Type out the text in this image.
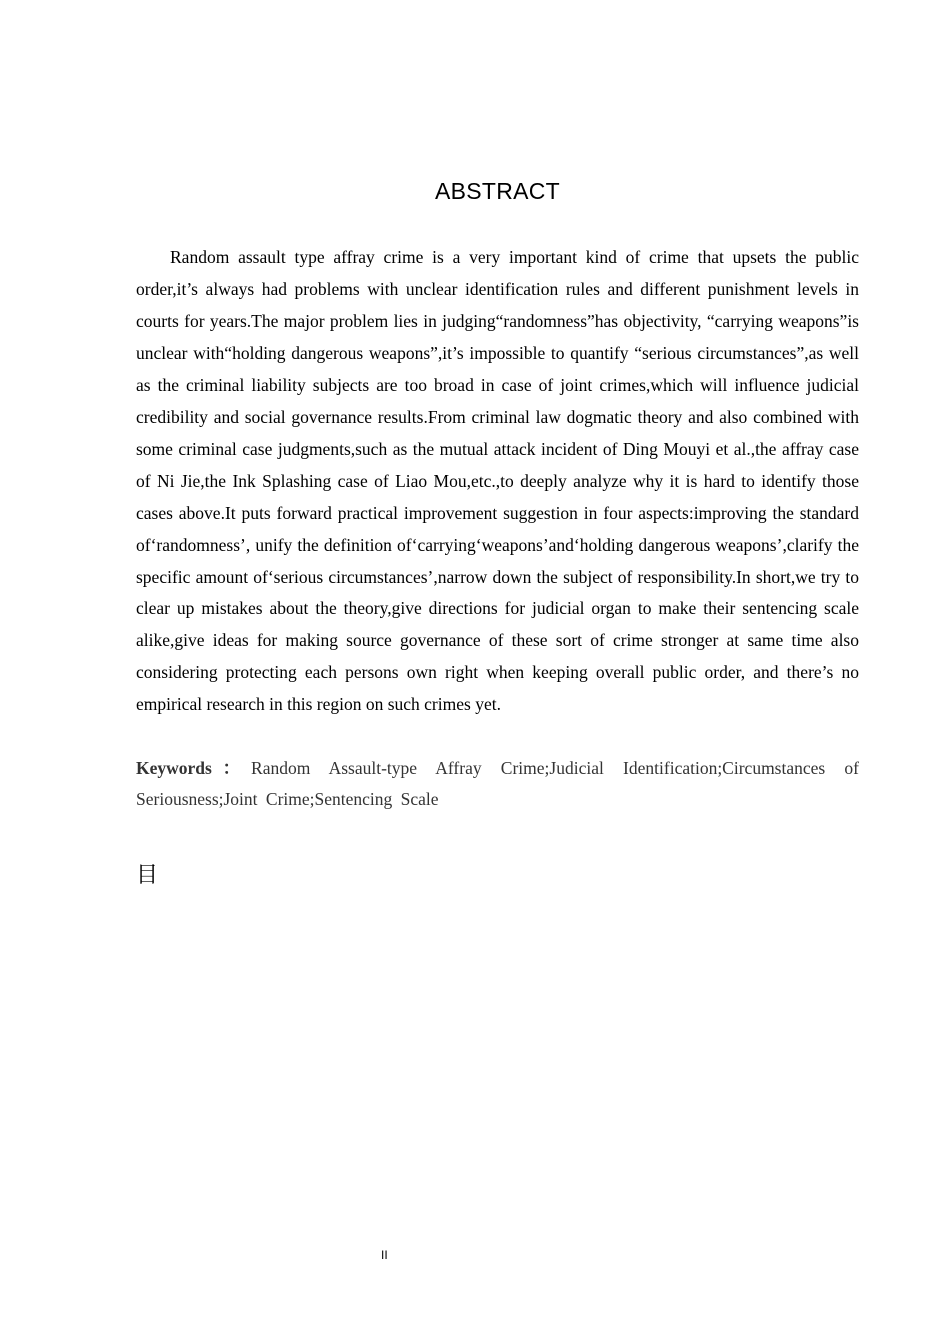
ABSTRACT

Random assault type affray crime is a very important kind of crime that upsets the public order,it’s always had problems with unclear identification rules and different punishment levels in courts for years.The major problem lies in judging“randomness”has objectivity, “carrying weapons”is unclear with“holding dangerous weapons”,it’s impossible to quantify “serious circumstances”,as well as the criminal liability subjects are too broad in case of joint crimes,which will influence judicial credibility and social governance results.From criminal law dogmatic theory and also combined with some criminal case judgments,such as the mutual attack incident of Ding Mouyi et al.,the affray case of Ni Jie,the Ink Splashing case of Liao Mou,etc.,to deeply analyze why it is hard to identify those cases above.It puts forward practical improvement suggestion in four aspects:improving the standard of‘randomness’, unify the definition of‘carrying‘weapons’and‘holding dangerous weapons’,clarify the specific amount of‘serious circumstances’,narrow down the subject of responsibility.In short,we try to clear up mistakes about the theory,give directions for judicial organ to make their sentencing scale alike,give ideas for making source governance of these sort of crime stronger at same time also considering protecting each persons own right when keeping overall public order, and there’s no empirical research in this region on such crimes yet.

Keywords：Random Assault-type Affray Crime;Judicial Identification;Circumstances of Seriousness;Joint Crime;Sentencing Scale

目

II
